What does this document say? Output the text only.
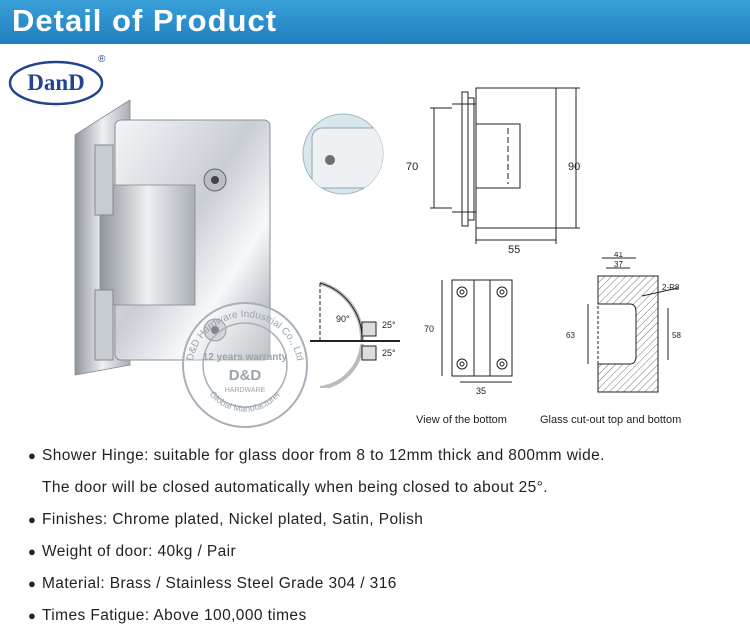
Detail of Product
DanD
®
D&D Hardware Industrial Co., Ltd
Global Manufacturer
12 years warranty
D&D
HARDWARE
90
70
55
90°
25°
25°
70
35
View of the bottom
41
37
2-R8
63	58
Glass cut-out top and bottom
● Shower Hinge: suitable for glass door from 8 to 12mm thick and 800mm wide.
The door will be closed automatically when being closed to about 25°.
● Finishes: Chrome plated, Nickel plated, Satin, Polish
● Weight of door: 40kg / Pair
● Material: Brass / Stainless Steel Grade 304 / 316
● Times Fatigue: Above 100,000 times
